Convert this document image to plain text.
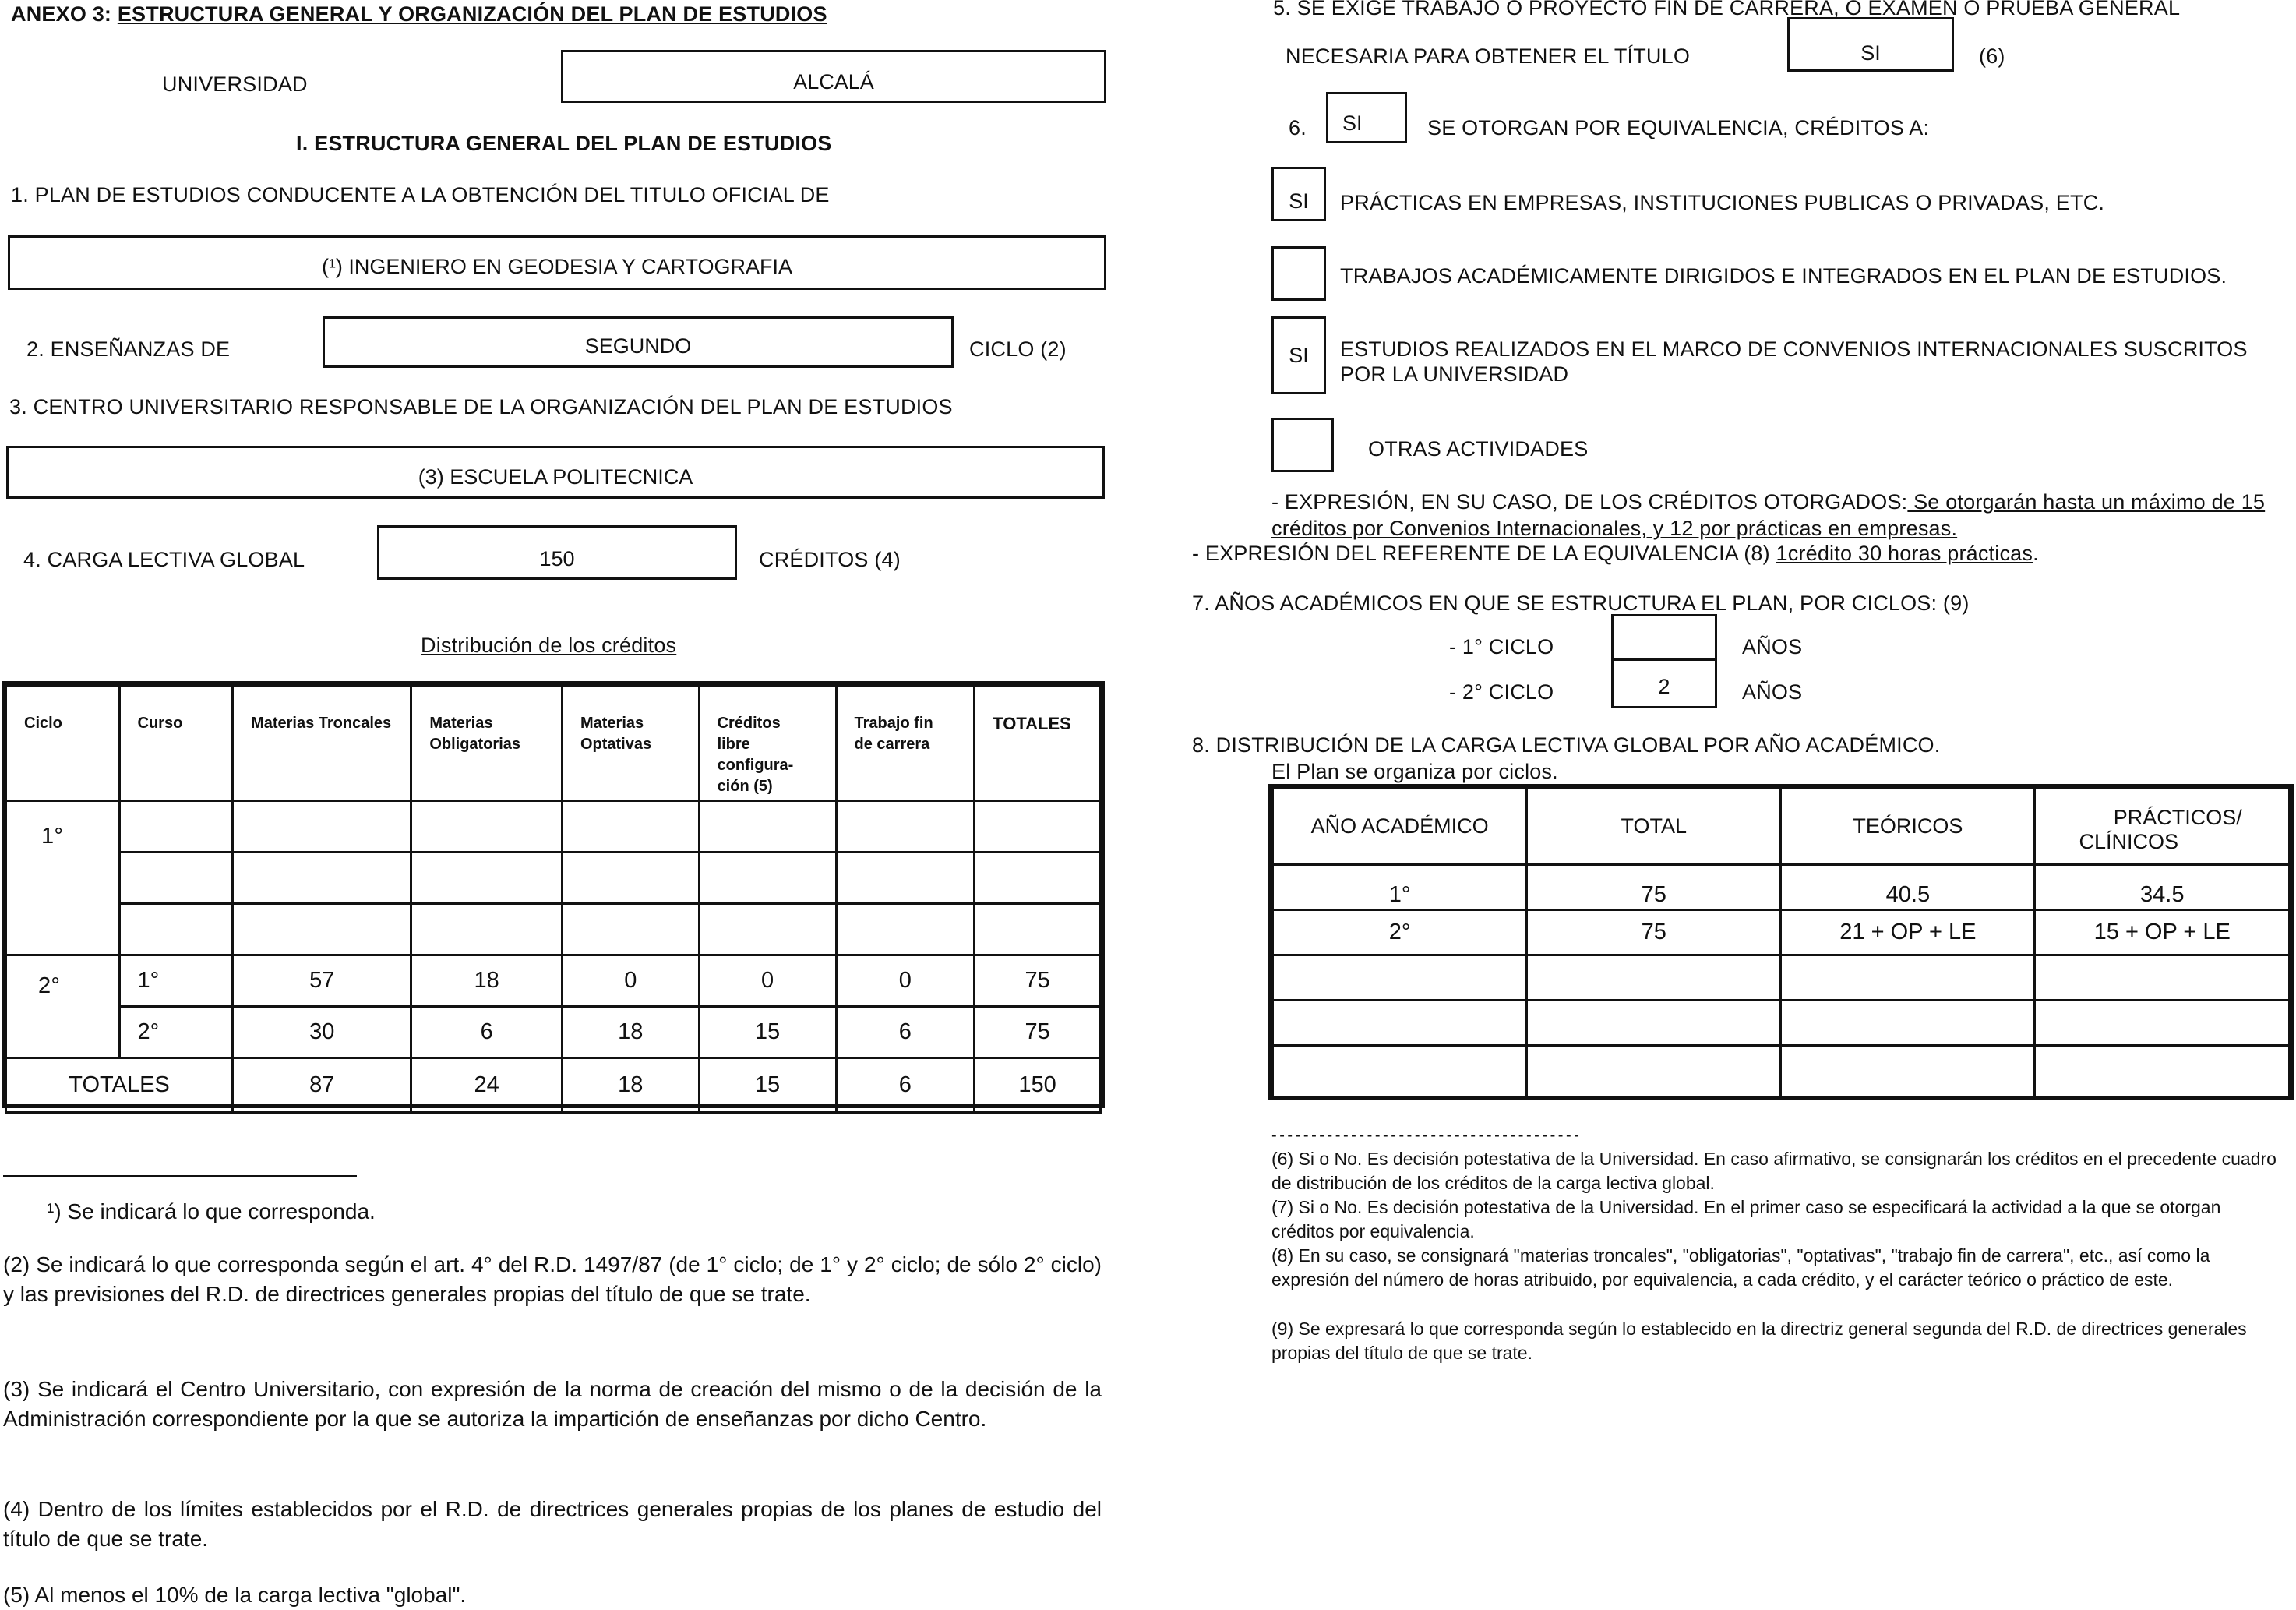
ANEXO 3: ESTRUCTURA GENERAL Y ORGANIZACIÓN DEL PLAN DE ESTUDIOS
UNIVERSIDAD	ALCALÁ
I. ESTRUCTURA GENERAL DEL PLAN DE ESTUDIOS
1. PLAN DE ESTUDIOS CONDUCENTE A LA OBTENCIÓN DEL TITULO OFICIAL DE
(¹) INGENIERO EN GEODESIA Y CARTOGRAFIA
2. ENSEÑANZAS DE	SEGUNDO	CICLO (2)
3. CENTRO UNIVERSITARIO RESPONSABLE DE LA ORGANIZACIÓN DEL PLAN DE ESTUDIOS
(3) ESCUELA POLITECNICA
4. CARGA LECTIVA GLOBAL	150	CRÉDITOS (4)
Distribución de los créditos
Ciclo	Curso	Materias Troncales	Materias Obligatorias	Materias Optativas	Créditos libre configura- ción (5)	Trabajo fin de carrera	TOTALES
1°							

2°	1°	57	18	0	0	0	75
	2°	30	6	18	15	6	75
TOTALES		87	24	18	15	6	150
¹) Se indicará lo que corresponda.
(2) Se indicará lo que corresponda según el art. 4° del R.D. 1497/87 (de 1° ciclo; de 1° y 2° ciclo; de sólo 2° ciclo) y las previsiones del R.D. de directrices generales propias del título de que se trate.
(3) Se indicará el Centro Universitario, con expresión de la norma de creación del mismo o de la decisión de la Administración correspondiente por la que se autoriza la impartición de enseñanzas por dicho Centro.
(4) Dentro de los límites establecidos por el R.D. de directrices generales propias de los planes de estudio del título de que se trate.
(5) Al menos el 10% de la carga lectiva "global".
5. SE EXIGE TRABAJO O PROYECTO FIN DE CARRERA, O EXAMEN O PRUEBA GENERAL
NECESARIA PARA OBTENER EL TÍTULO	SI	(6)
6. SI	SE OTORGAN POR EQUIVALENCIA, CRÉDITOS A:
SI PRÁCTICAS EN EMPRESAS, INSTITUCIONES PUBLICAS O PRIVADAS, ETC.
TRABAJOS ACADÉMICAMENTE DIRIGIDOS E INTEGRADOS EN EL PLAN DE ESTUDIOS.
SI ESTUDIOS REALIZADOS EN EL MARCO DE CONVENIOS INTERNACIONALES SUSCRITOS POR LA UNIVERSIDAD
OTRAS ACTIVIDADES
- EXPRESIÓN, EN SU CASO, DE LOS CRÉDITOS OTORGADOS: Se otorgarán hasta un máximo de 15
créditos por Convenios Internacionales, y 12 por prácticas en empresas.
- EXPRESIÓN DEL REFERENTE DE LA EQUIVALENCIA (8) 1crédito 30 horas prácticas.
7. AÑOS ACADÉMICOS EN QUE SE ESTRUCTURA EL PLAN, POR CICLOS: (9)
- 1° CICLO	AÑOS
- 2° CICLO	2	AÑOS
8. DISTRIBUCIÓN DE LA CARGA LECTIVA GLOBAL POR AÑO ACADÉMICO.
El Plan se organiza por ciclos.
AÑO ACADÉMICO	TOTAL	TEÓRICOS	PRÁCTICOS/
CLÍNICOS

1°	75	40.5	34.5
2°	75	21 + OP + LE	15 + OP + LE

- - - - - - - - - - - - - - - - - - - - - - - - - - - - - - - - - - - - - - -
(6) Si o No. Es decisión potestativa de la Universidad. En caso afirmativo, se consignarán los créditos en el precedente cuadro de distribución de los créditos de la carga lectiva global.
(7) Si o No. Es decisión potestativa de la Universidad. En el primer caso se especificará la actividad a la que se otorgan créditos por equivalencia.
(8) En su caso, se consignará "materias troncales", "obligatorias", "optativas", "trabajo fin de carrera", etc., así como la expresión del número de horas atribuido, por equivalencia, a cada crédito, y el carácter teórico o práctico de este.
(9) Se expresará lo que corresponda según lo establecido en la directriz general segunda del R.D. de directrices generales propias del título de que se trate.
